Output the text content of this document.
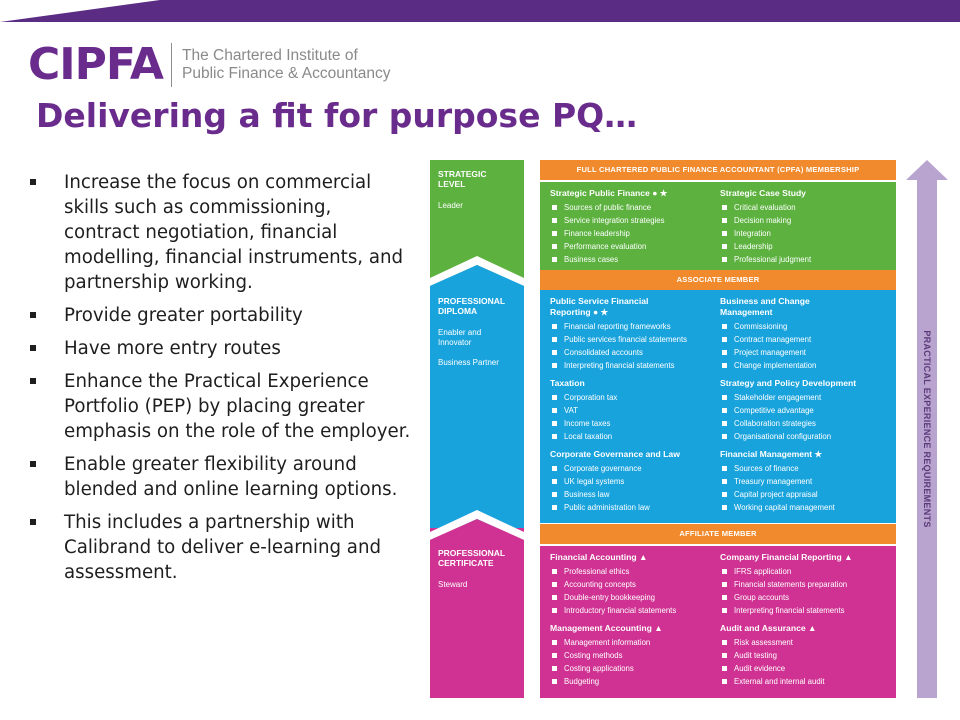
CIPFA The Chartered Institute of
Public Finance & Accountancy
Delivering a fit for purpose PQ…
Increase the focus on commercial skills such as commissioning, contract negotiation, financial modelling, financial instruments, and partnership working.
Provide greater portability
Have more entry routes
Enhance the Practical Experience Portfolio (PEP) by placing greater emphasis on the role of the employer.
Enable greater flexibility around blended and online learning options.
This includes a partnership with Calibrand to deliver e-learning and assessment.
STRATEGIC
LEVEL
Leader
PROFESSIONAL
DIPLOMA
Enabler and
Innovator
Business Partner
PROFESSIONAL
CERTIFICATE
Steward
FULL CHARTERED PUBLIC FINANCE ACCOUNTANT (CPFA) MEMBERSHIP
ASSOCIATE MEMBER
AFFILIATE MEMBER
Strategic Public Finance ● ★
Sources of public finance
Service integration strategies
Finance leadership
Performance evaluation
Business cases
Strategic Case Study
Critical evaluation
Decision making
Integration
Leadership
Professional judgment
Public Service Financial
Reporting ● ★
Financial reporting frameworks
Public services financial statements
Consolidated accounts
Interpreting financial statements
Taxation
Corporation tax
VAT
Income taxes
Local taxation
Corporate Governance and Law
Corporate governance
UK legal systems
Business law
Public administration law
Business and Change
Management
Commissioning
Contract management
Project management
Change implementation
Strategy and Policy Development
Stakeholder engagement
Competitive advantage
Collaboration strategies
Organisational configuration
Financial Management ★
Sources of finance
Treasury management
Capital project appraisal
Working capital management
Financial Accounting ▲
Professional ethics
Accounting concepts
Double-entry bookkeeping
Introductory financial statements
Management Accounting ▲
Management information
Costing methods
Costing applications
Budgeting
Company Financial Reporting ▲
IFRS application
Financial statements preparation
Group accounts
Interpreting financial statements
Audit and Assurance ▲
Risk assessment
Audit testing
Audit evidence
External and internal audit
PRACTICAL EXPERIENCE REQUIREMENTS
